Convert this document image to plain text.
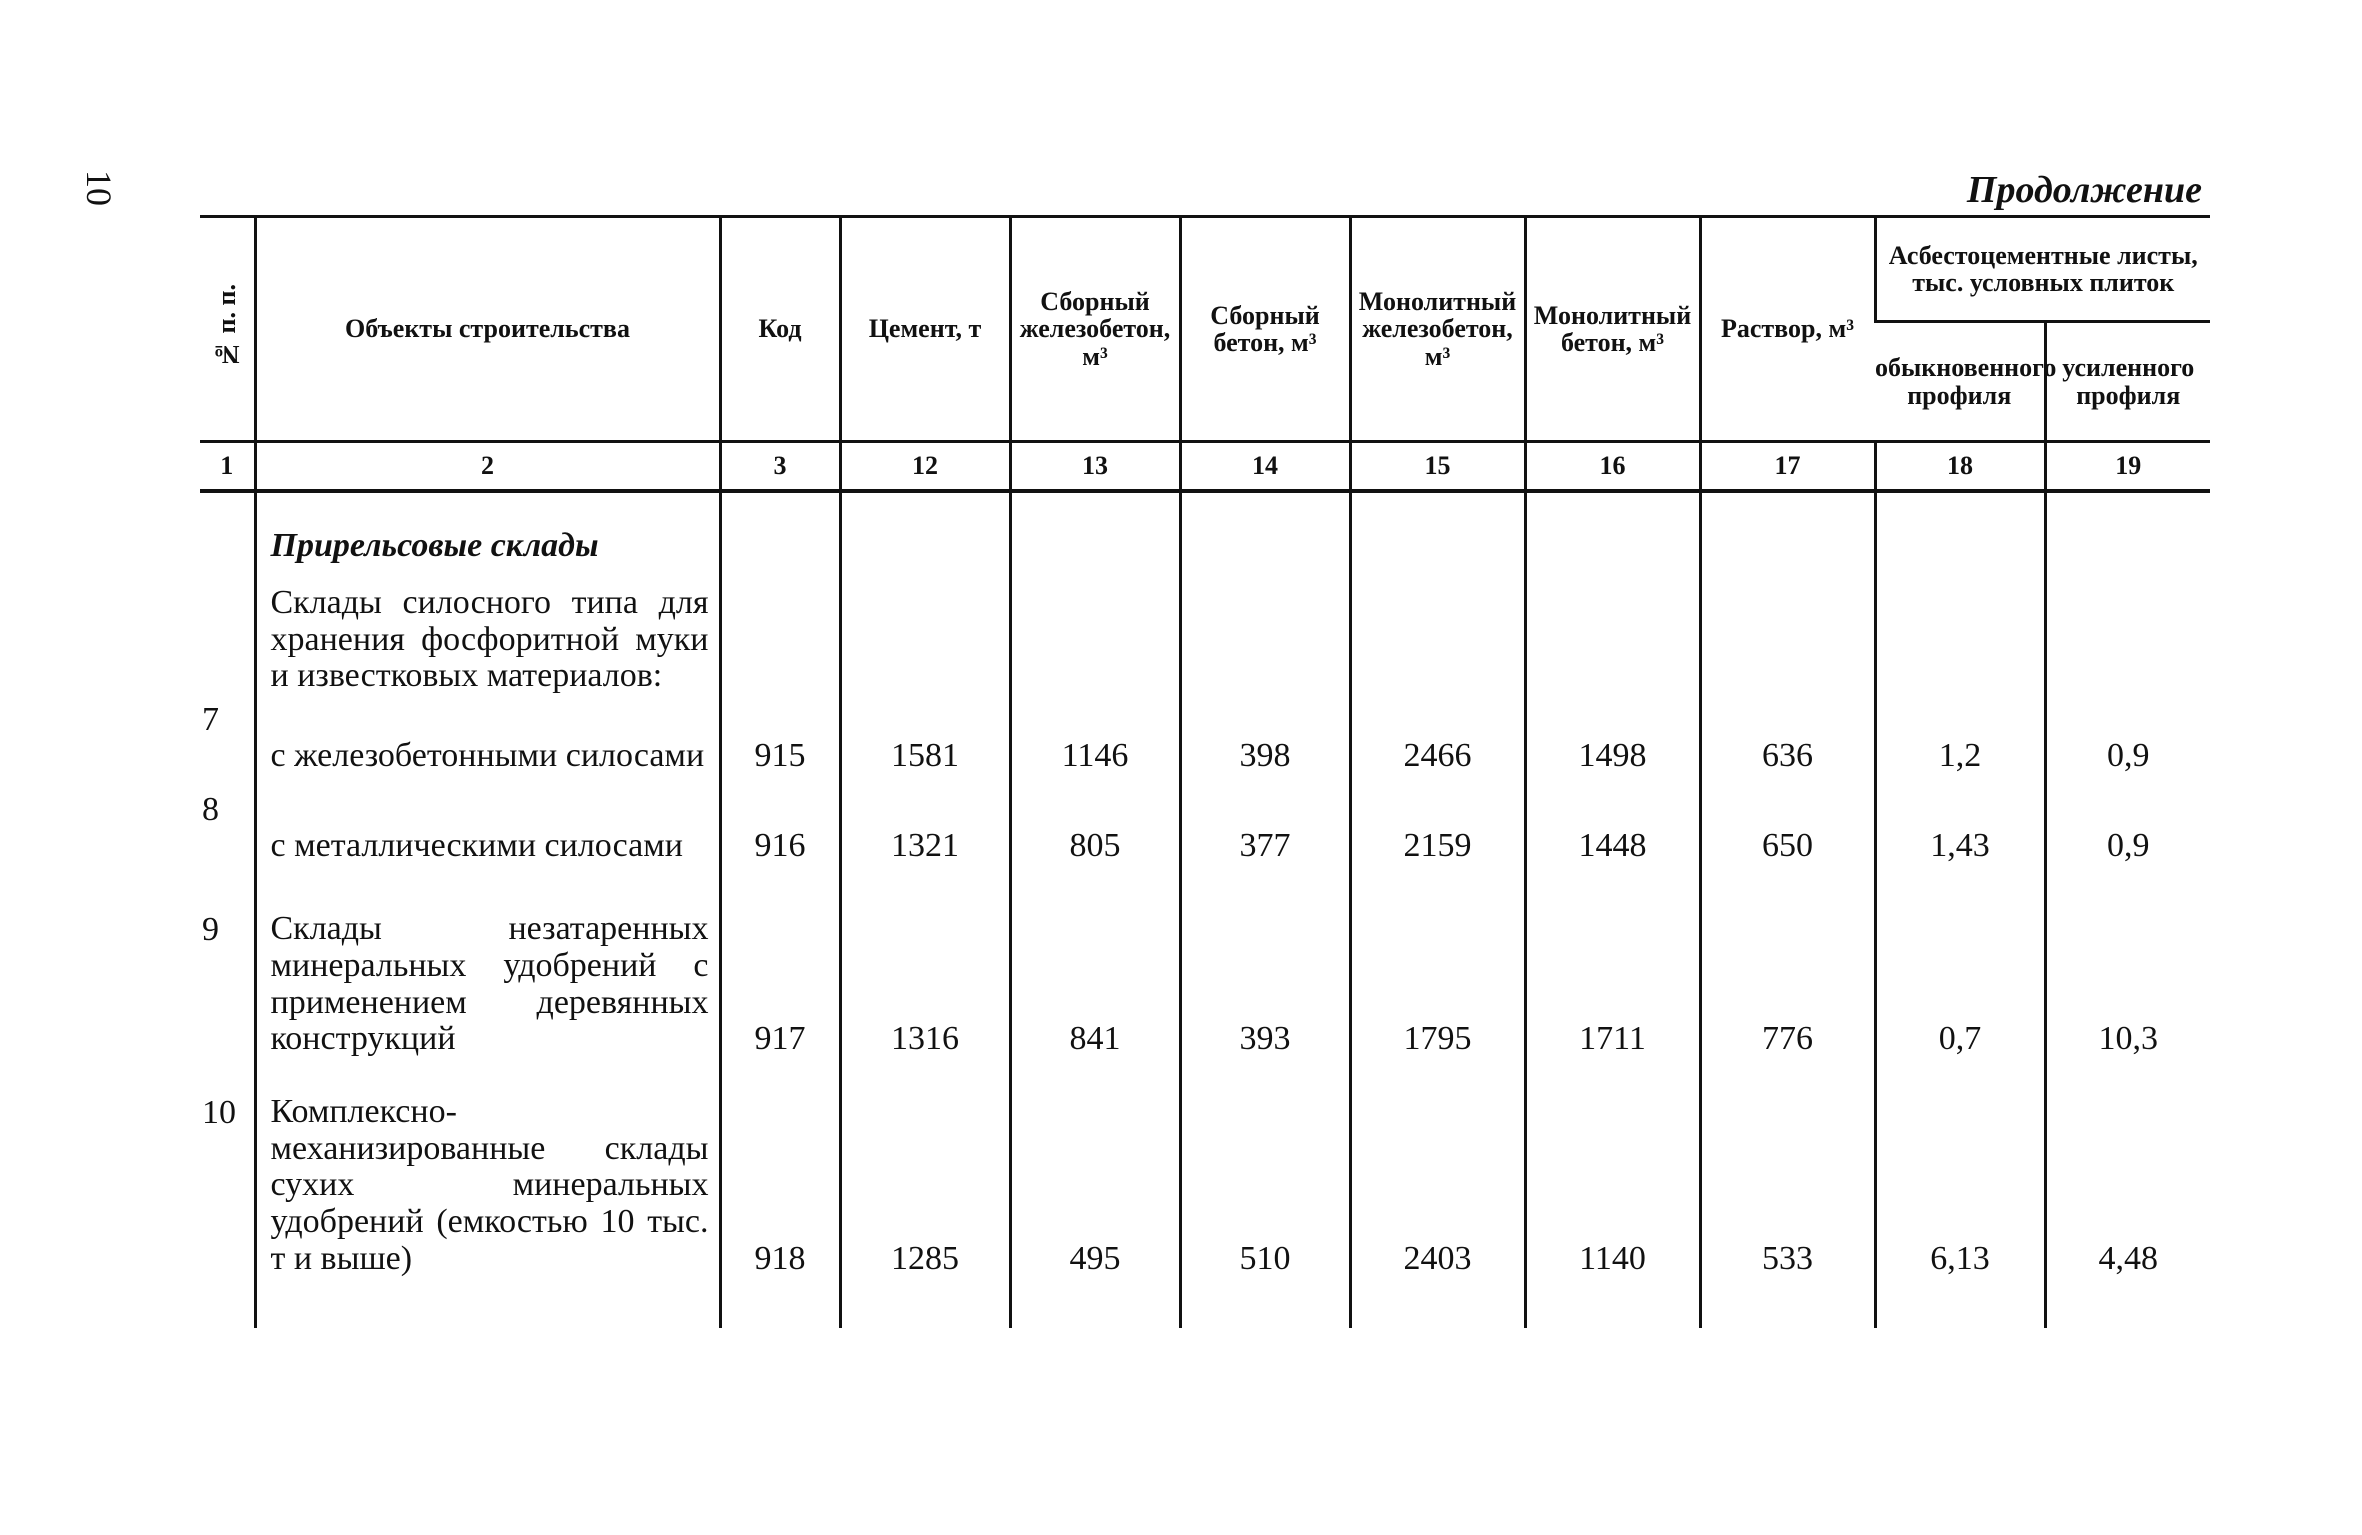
10	Продолжение
№ п. п.	Объекты строительства	Код	Цемент, т	Сборный железобетон, м³	Сборный бетон, м³	Монолитный железобетон, м³	Монолитный бетон, м³	Раствор, м³	Асбестоцементные листы, тыс. условных плиток	
									обыкновенного профиля	усиленного профиля
1	2	3	12	13	14	15	16	17	18	19
	Прирельсовые склады									
	Склады силосного типа для хранения фосфоритной муки и известковых материалов:									
7	с железобетонными силосами	915	1581	1146	398	2466	1498	636	1,2	0,9
8	с металлическими силосами	916	1321	805	377	2159	1448	650	1,43	0,9
9	Склады незатаренных минеральных удобрений с применением деревянных конструкций	917	1316	841	393	1795	1711	776	0,7	10,3
10	Комплексно-механизированные склады сухих минеральных удобрений (емкостью 10 тыс. т и выше)	918	1285	495	510	2403	1140	533	6,13	4,48
